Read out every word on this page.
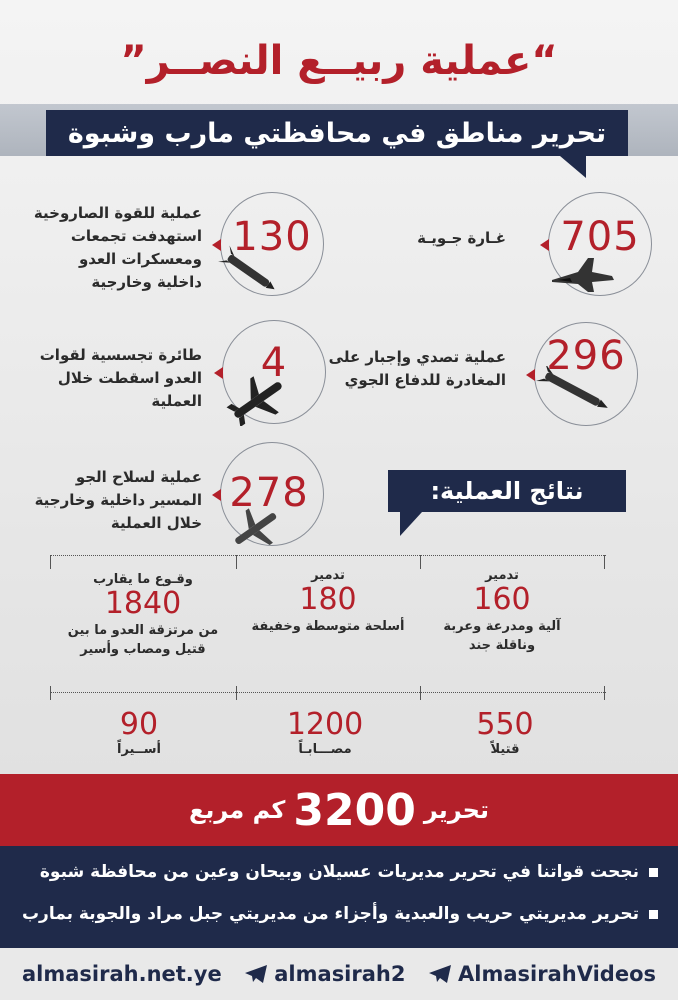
“عملية ربيــع النصــر”
تحرير مناطق في محافظتي مارب وشبوة
705
غـارة جـويـة
130
عملية للقوة الصاروخية
استهدفت تجمعات
ومعسكرات العدو
داخلية وخارجية
296
عملية تصدي وإجبار على
المغادرة للدفاع الجوي
4
طائرة تجسسية لقوات
العدو اسقطت خلال
العملية
278
عملية لسلاح الجو
المسير داخلية وخارجية
خلال العملية
نتائج العملية:
تدمير
160
آلية ومدرعة وعربة
وناقلة جند
تدمير
180
أسلحة متوسطة وخفيفة
وقـوع ما يقارب
1840
من مرتزقة العدو ما بين
قتيل ومصاب وأسير
550
قتيلاً
1200
مصـــابـاً
90
أســيراً
تحرير
3200
كم مربع
نجحت قواتنا في تحرير مديريات عسيلان وبيحان وعين من محافظة شبوة
تحرير مديريتي حريب والعبدية وأجزاء من مديريتي جبل مراد والجوبة بمارب
almasirah.net.ye	almasirah2	AlmasirahVideos
